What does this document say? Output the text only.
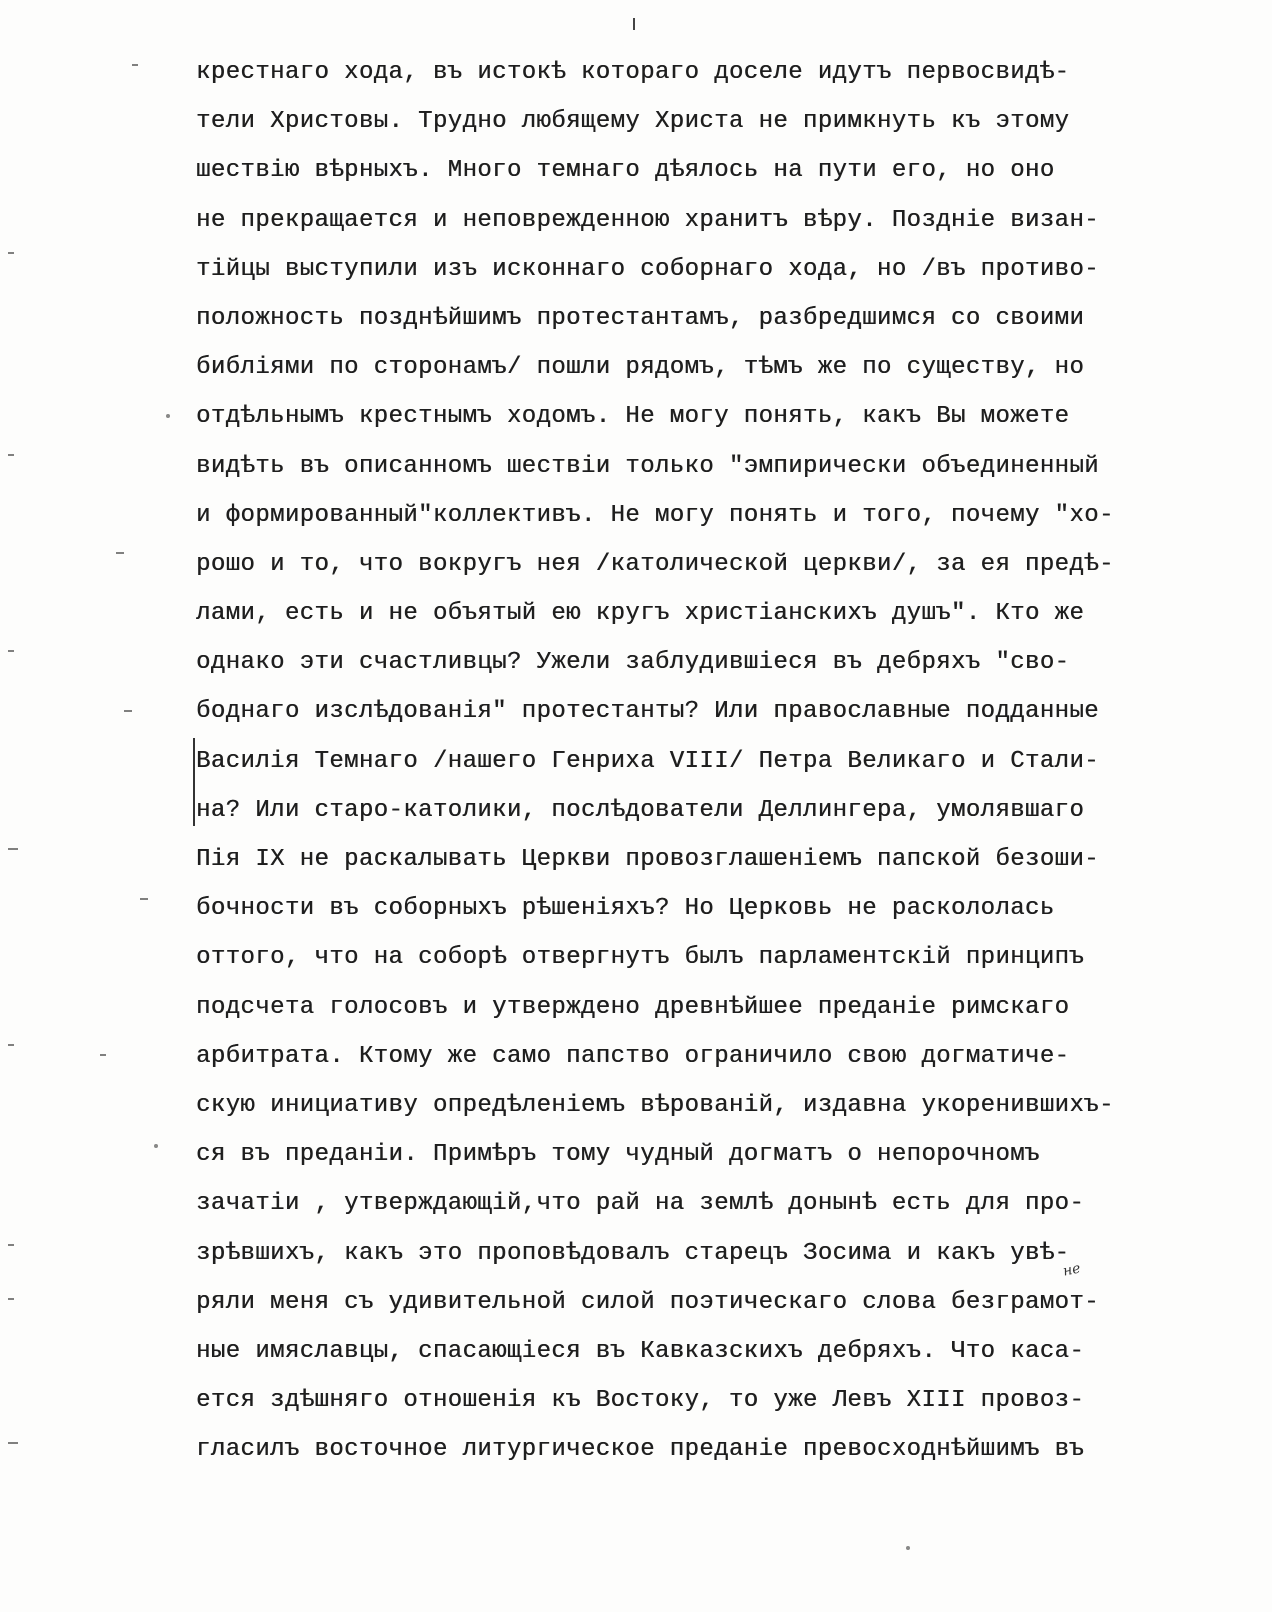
крестнаго хода, въ истокѣ котораго доселе идутъ первосвидѣ-
тели Христовы. Трудно любящему Христа не примкнуть къ этому
шествію вѣрныхъ. Много темнаго дѣялось на пути его, но оно
не прекращается и неповрежденною хранитъ вѣру. Позднiе визан-
тійцы выступили изъ исконнаго соборнаго хода, но /въ противо-
положность позднѣйшимъ протестантамъ, разбредшимся со своими
библіями по сторонамъ/ пошли рядомъ, тѣмъ же по существу, но
отдѣльнымъ крестнымъ ходомъ. Не могу понять, какъ Вы можете
видѣть въ описанномъ шествіи только "эмпирически объединенный
и формированный"коллективъ. Не могу понять и того, почему "хо-
рошо и то, что вокругъ нея /католической церкви/, за ея предѣ-
лами, есть и не объятый ею кругъ христіанскихъ душъ". Кто же
однако эти счастливцы? Ужели заблудившіеся въ дебряхъ "сво-
боднаго изслѣдованія" протестанты? Или православные подданные
Василія Темнаго /нашего Генриха VIII/ Петра Великаго и Стали-
на? Или старо-католики, послѣдователи Деллингера, умолявшаго
Пія IX не раскалывать Церкви провозглашеніемъ папской безоши-
бочности въ соборныхъ рѣшеніяхъ? Но Церковь не раскололась
оттого, что на соборѣ отвергнутъ былъ парламентскій принципъ
подсчета голосовъ и утверждено древнѣйшее преданіе римскаго
арбитрата. Ктому же само папство ограничило свою догматиче-
скую инициативу опредѣленіемъ вѣрованій, издавна укоренившихъ-
ся въ преданіи. Примѣръ тому чудный догматъ о непорочномъ
зачатіи , утверждающій,что рай на землѣ донынѣ есть для про-
зрѣвшихъ, какъ это проповѣдовалъ старецъ Зосима и какъ увѣ-
ряли меня съ удивительной силой поэтическаго слова безграмот-
ные имяславцы, спасающіеся въ Кавказскихъ дебряхъ. Что каса-
ется здѣшняго отношенія къ Востоку, то уже Левъ XIII провоз-
гласилъ восточное литургическое преданіе превосходнѣйшимъ въ
не
